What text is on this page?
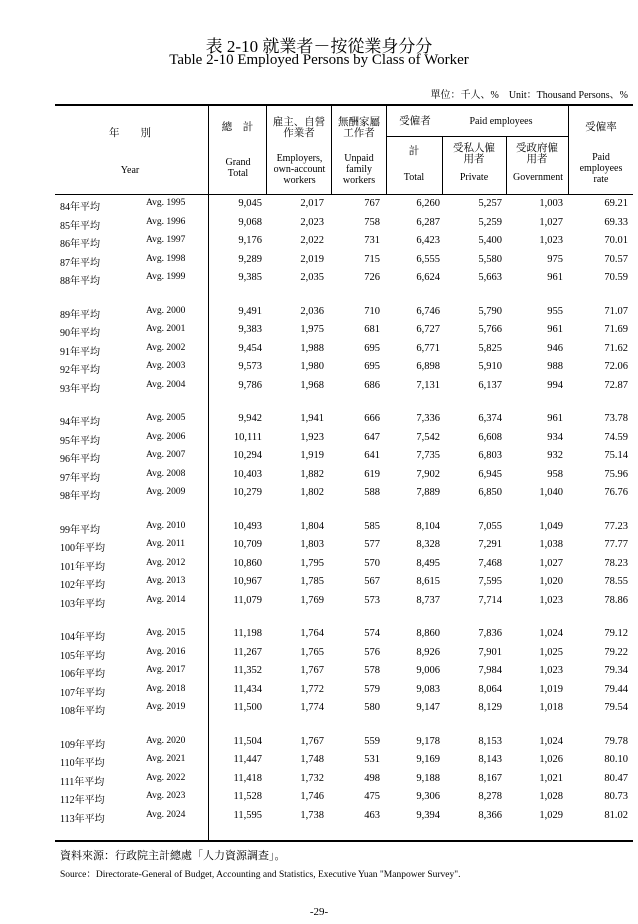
表 2-10 就業者－按從業身分分
Table 2-10 Employed Persons by Class of Worker
單位：千人、%　Unit：Thousand Persons、%
年　　別
Year
總　計
Grand Total
雇主、自營作業者
Employers, own-account workers
無酬家屬工作者
Unpaid family workers
受僱者	Paid employees
計
Total
受私人僱用者
Private
受政府僱用者
Government
受僱率
Paid employees rate
84年平均	Avg. 1995	9,045	2,017	767	6,260	5,257	1,003	69.21
85年平均	Avg. 1996	9,068	2,023	758	6,287	5,259	1,027	69.33
86年平均	Avg. 1997	9,176	2,022	731	6,423	5,400	1,023	70.01
87年平均	Avg. 1998	9,289	2,019	715	6,555	5,580	975	70.57
88年平均	Avg. 1999	9,385	2,035	726	6,624	5,663	961	70.59
89年平均	Avg. 2000	9,491	2,036	710	6,746	5,790	955	71.07
90年平均	Avg. 2001	9,383	1,975	681	6,727	5,766	961	71.69
91年平均	Avg. 2002	9,454	1,988	695	6,771	5,825	946	71.62
92年平均	Avg. 2003	9,573	1,980	695	6,898	5,910	988	72.06
93年平均	Avg. 2004	9,786	1,968	686	7,131	6,137	994	72.87
94年平均	Avg. 2005	9,942	1,941	666	7,336	6,374	961	73.78
95年平均	Avg. 2006	10,111	1,923	647	7,542	6,608	934	74.59
96年平均	Avg. 2007	10,294	1,919	641	7,735	6,803	932	75.14
97年平均	Avg. 2008	10,403	1,882	619	7,902	6,945	958	75.96
98年平均	Avg. 2009	10,279	1,802	588	7,889	6,850	1,040	76.76
99年平均	Avg. 2010	10,493	1,804	585	8,104	7,055	1,049	77.23
100年平均	Avg. 2011	10,709	1,803	577	8,328	7,291	1,038	77.77
101年平均	Avg. 2012	10,860	1,795	570	8,495	7,468	1,027	78.23
102年平均	Avg. 2013	10,967	1,785	567	8,615	7,595	1,020	78.55
103年平均	Avg. 2014	11,079	1,769	573	8,737	7,714	1,023	78.86
104年平均	Avg. 2015	11,198	1,764	574	8,860	7,836	1,024	79.12
105年平均	Avg. 2016	11,267	1,765	576	8,926	7,901	1,025	79.22
106年平均	Avg. 2017	11,352	1,767	578	9,006	7,984	1,023	79.34
107年平均	Avg. 2018	11,434	1,772	579	9,083	8,064	1,019	79.44
108年平均	Avg. 2019	11,500	1,774	580	9,147	8,129	1,018	79.54
109年平均	Avg. 2020	11,504	1,767	559	9,178	8,153	1,024	79.78
110年平均	Avg. 2021	11,447	1,748	531	9,169	8,143	1,026	80.10
111年平均	Avg. 2022	11,418	1,732	498	9,188	8,167	1,021	80.47
112年平均	Avg. 2023	11,528	1,746	475	9,306	8,278	1,028	80.73
113年平均	Avg. 2024	11,595	1,738	463	9,394	8,366	1,029	81.02
資料來源：行政院主計總處「人力資源調查」。
Source：Directorate-General of Budget, Accounting and Statistics, Executive Yuan "Manpower Survey".
-29-
